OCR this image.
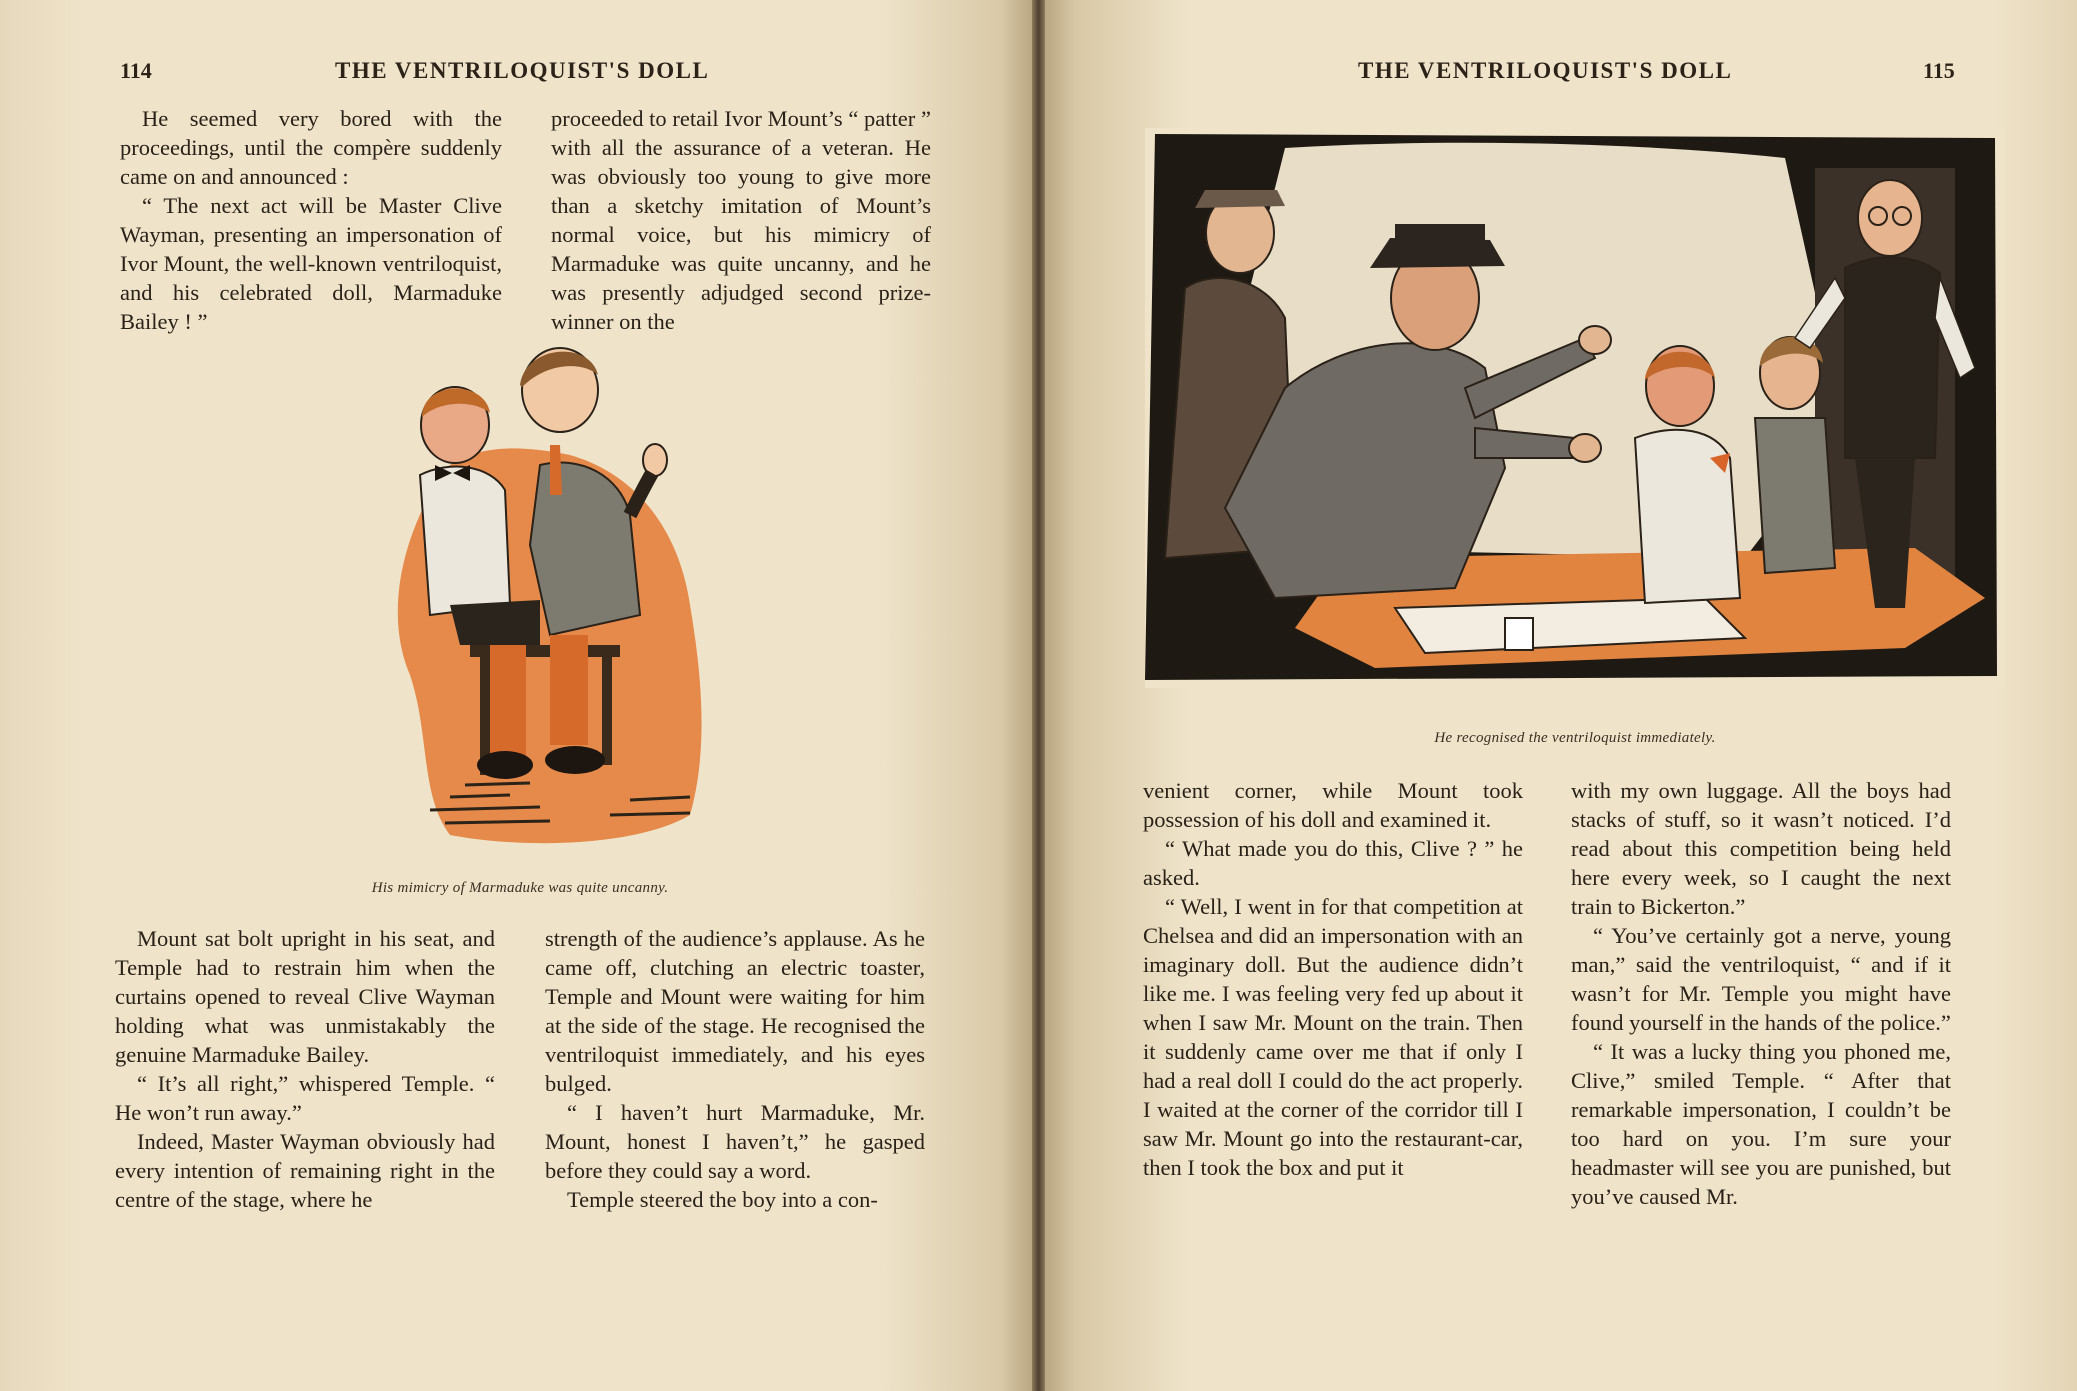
114	THE VENTRILOQUIST'S DOLL

He seemed very bored with the proceedings, until the compère suddenly came on and announced :

“ The next act will be Master Clive Wayman, presenting an impersonation of Ivor Mount, the well-known ventriloquist, and his celebrated doll, Marmaduke Bailey ! ”

proceeded to retail Ivor Mount’s “ patter ” with all the assurance of a veteran. He was obviously too young to give more than a sketchy imitation of Mount’s normal voice, but his mimicry of Marmaduke was quite uncanny, and he was presently adjudged second prize-winner on the

His mimicry of Marmaduke was quite uncanny.

Mount sat bolt upright in his seat, and Temple had to restrain him when the curtains opened to reveal Clive Wayman holding what was unmistakably the genuine Marmaduke Bailey.

“ It’s all right,” whispered Temple. “ He won’t run away.”

Indeed, Master Wayman obviously had every intention of remaining right in the centre of the stage, where he

strength of the audience’s applause. As he came off, clutching an electric toaster, Temple and Mount were waiting for him at the side of the stage. He recognised the ventriloquist immediately, and his eyes bulged.

“ I haven’t hurt Marmaduke, Mr. Mount, honest I haven’t,” he gasped before they could say a word.

Temple steered the boy into a con-

THE VENTRILOQUIST'S DOLL	115
He recognised the ventriloquist immediately.

venient corner, while Mount took possession of his doll and examined it.

“ What made you do this, Clive ? ” he asked.

“ Well, I went in for that competition at Chelsea and did an impersonation with an imaginary doll. But the audience didn’t like me. I was feeling very fed up about it when I saw Mr. Mount on the train. Then it suddenly came over me that if only I had a real doll I could do the act properly. I waited at the corner of the corridor till I saw Mr. Mount go into the restaurant-car, then I took the box and put it

with my own luggage. All the boys had stacks of stuff, so it wasn’t noticed. I’d read about this competition being held here every week, so I caught the next train to Bickerton.”

“ You’ve certainly got a nerve, young man,” said the ventriloquist, “ and if it wasn’t for Mr. Temple you might have found yourself in the hands of the police.”

“ It was a lucky thing you phoned me, Clive,” smiled Temple. “ After that remarkable impersonation, I couldn’t be too hard on you. I’m sure your headmaster will see you are punished, but you’ve caused Mr.
